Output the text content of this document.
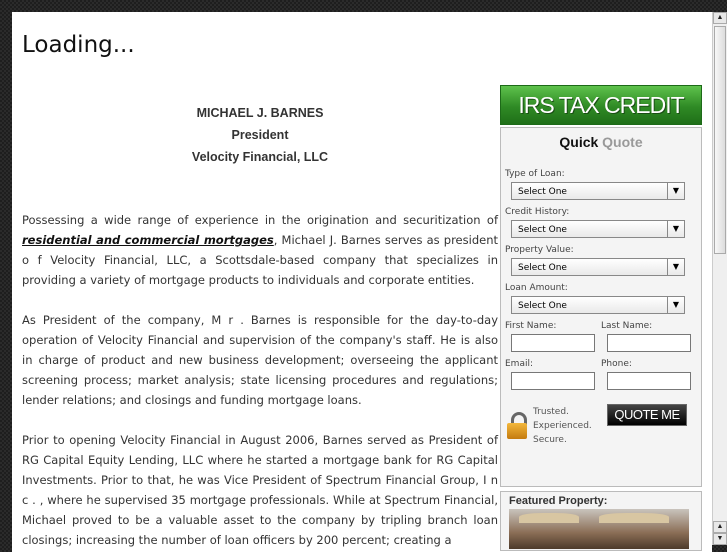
Loading...
MICHAEL J. BARNES
President
Velocity Financial, LLC

Possessing a wide range of experience in the origination and securitization of residential and commercial mortgages, Michael J. Barnes serves as president o f Velocity Financial, LLC, a Scottsdale-based company that specializes in providing a variety of mortgage products to individuals and corporate entities.

As President of the company, M r . Barnes is responsible for the day-to-day operation of Velocity Financial and supervision of the company's staff. He is also in charge of product and new business development; overseeing the applicant screening process; market analysis; state licensing procedures and regulations; lender relations; and closings and funding mortgage loans.

Prior to opening Velocity Financial in August 2006, Barnes served as President of RG Capital Equity Lending, LLC where he started a mortgage bank for RG Capital Investments. Prior to that, he was Vice President of Spectrum Financial Group, I n c . , where he supervised 35 mortgage professionals. While at Spectrum Financial, Michael proved to be a valuable asset to the company by tripling branch loan closings; increasing the number of loan officers by 200 percent; creating a

IRS TAX CREDIT
Quick Quote
Type of Loan:
Select One	▼
Credit History:
Select One	▼
Property Value:
Select One	▼
Loan Amount:
Select One	▼
First Name:	Last Name:
Email:	Phone:
Trusted.
Experienced.
Secure.
QUOTE ME
Featured Property:
▲
▲
▼
